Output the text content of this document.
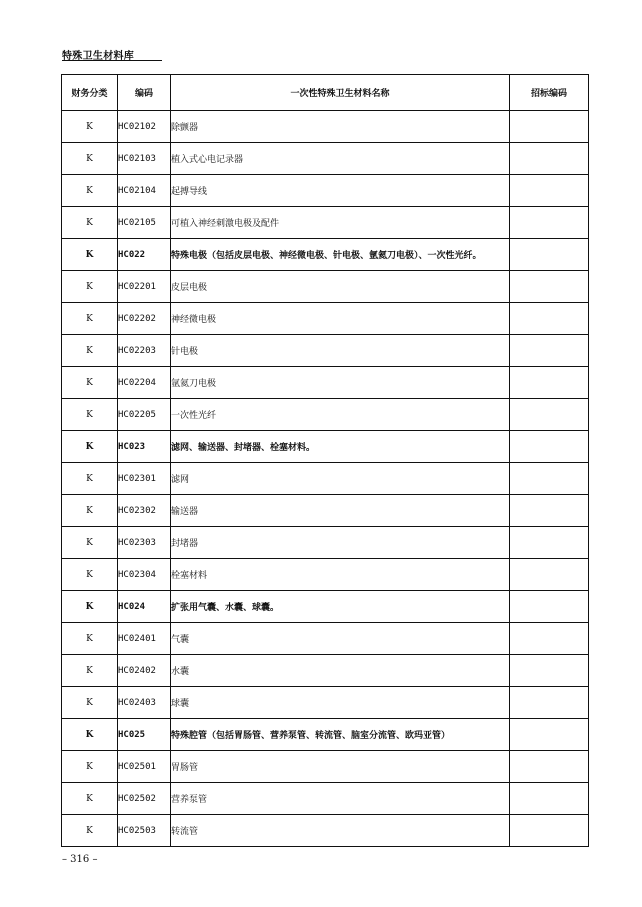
特殊卫生材料库
财务分类	编码	一次性特殊卫生材料名称	招标编码
K	HC02102	除颤器	
K	HC02103	植入式心电记录器	
K	HC02104	起搏导线	
K	HC02105	可植入神经刺激电极及配件	
K	HC022	特殊电极（包括皮层电极、神经微电极、针电极、氩氦刀电极）、一次性光纤。	
K	HC02201	皮层电极	
K	HC02202	神经微电极	
K	HC02203	针电极	
K	HC02204	氩氦刀电极	
K	HC02205	一次性光纤	
K	HC023	滤网、输送器、封堵器、栓塞材料。	
K	HC02301	滤网	
K	HC02302	输送器	
K	HC02303	封堵器	
K	HC02304	栓塞材料	
K	HC024	扩张用气囊、水囊、球囊。	
K	HC02401	气囊	
K	HC02402	水囊	
K	HC02403	球囊	
K	HC025	特殊腔管（包括胃肠管、营养泵管、转流管、脑室分流管、欧玛亚管）	
K	HC02501	胃肠管	
K	HC02502	营养泵管	
K	HC02503	转流管	
– 316 –
